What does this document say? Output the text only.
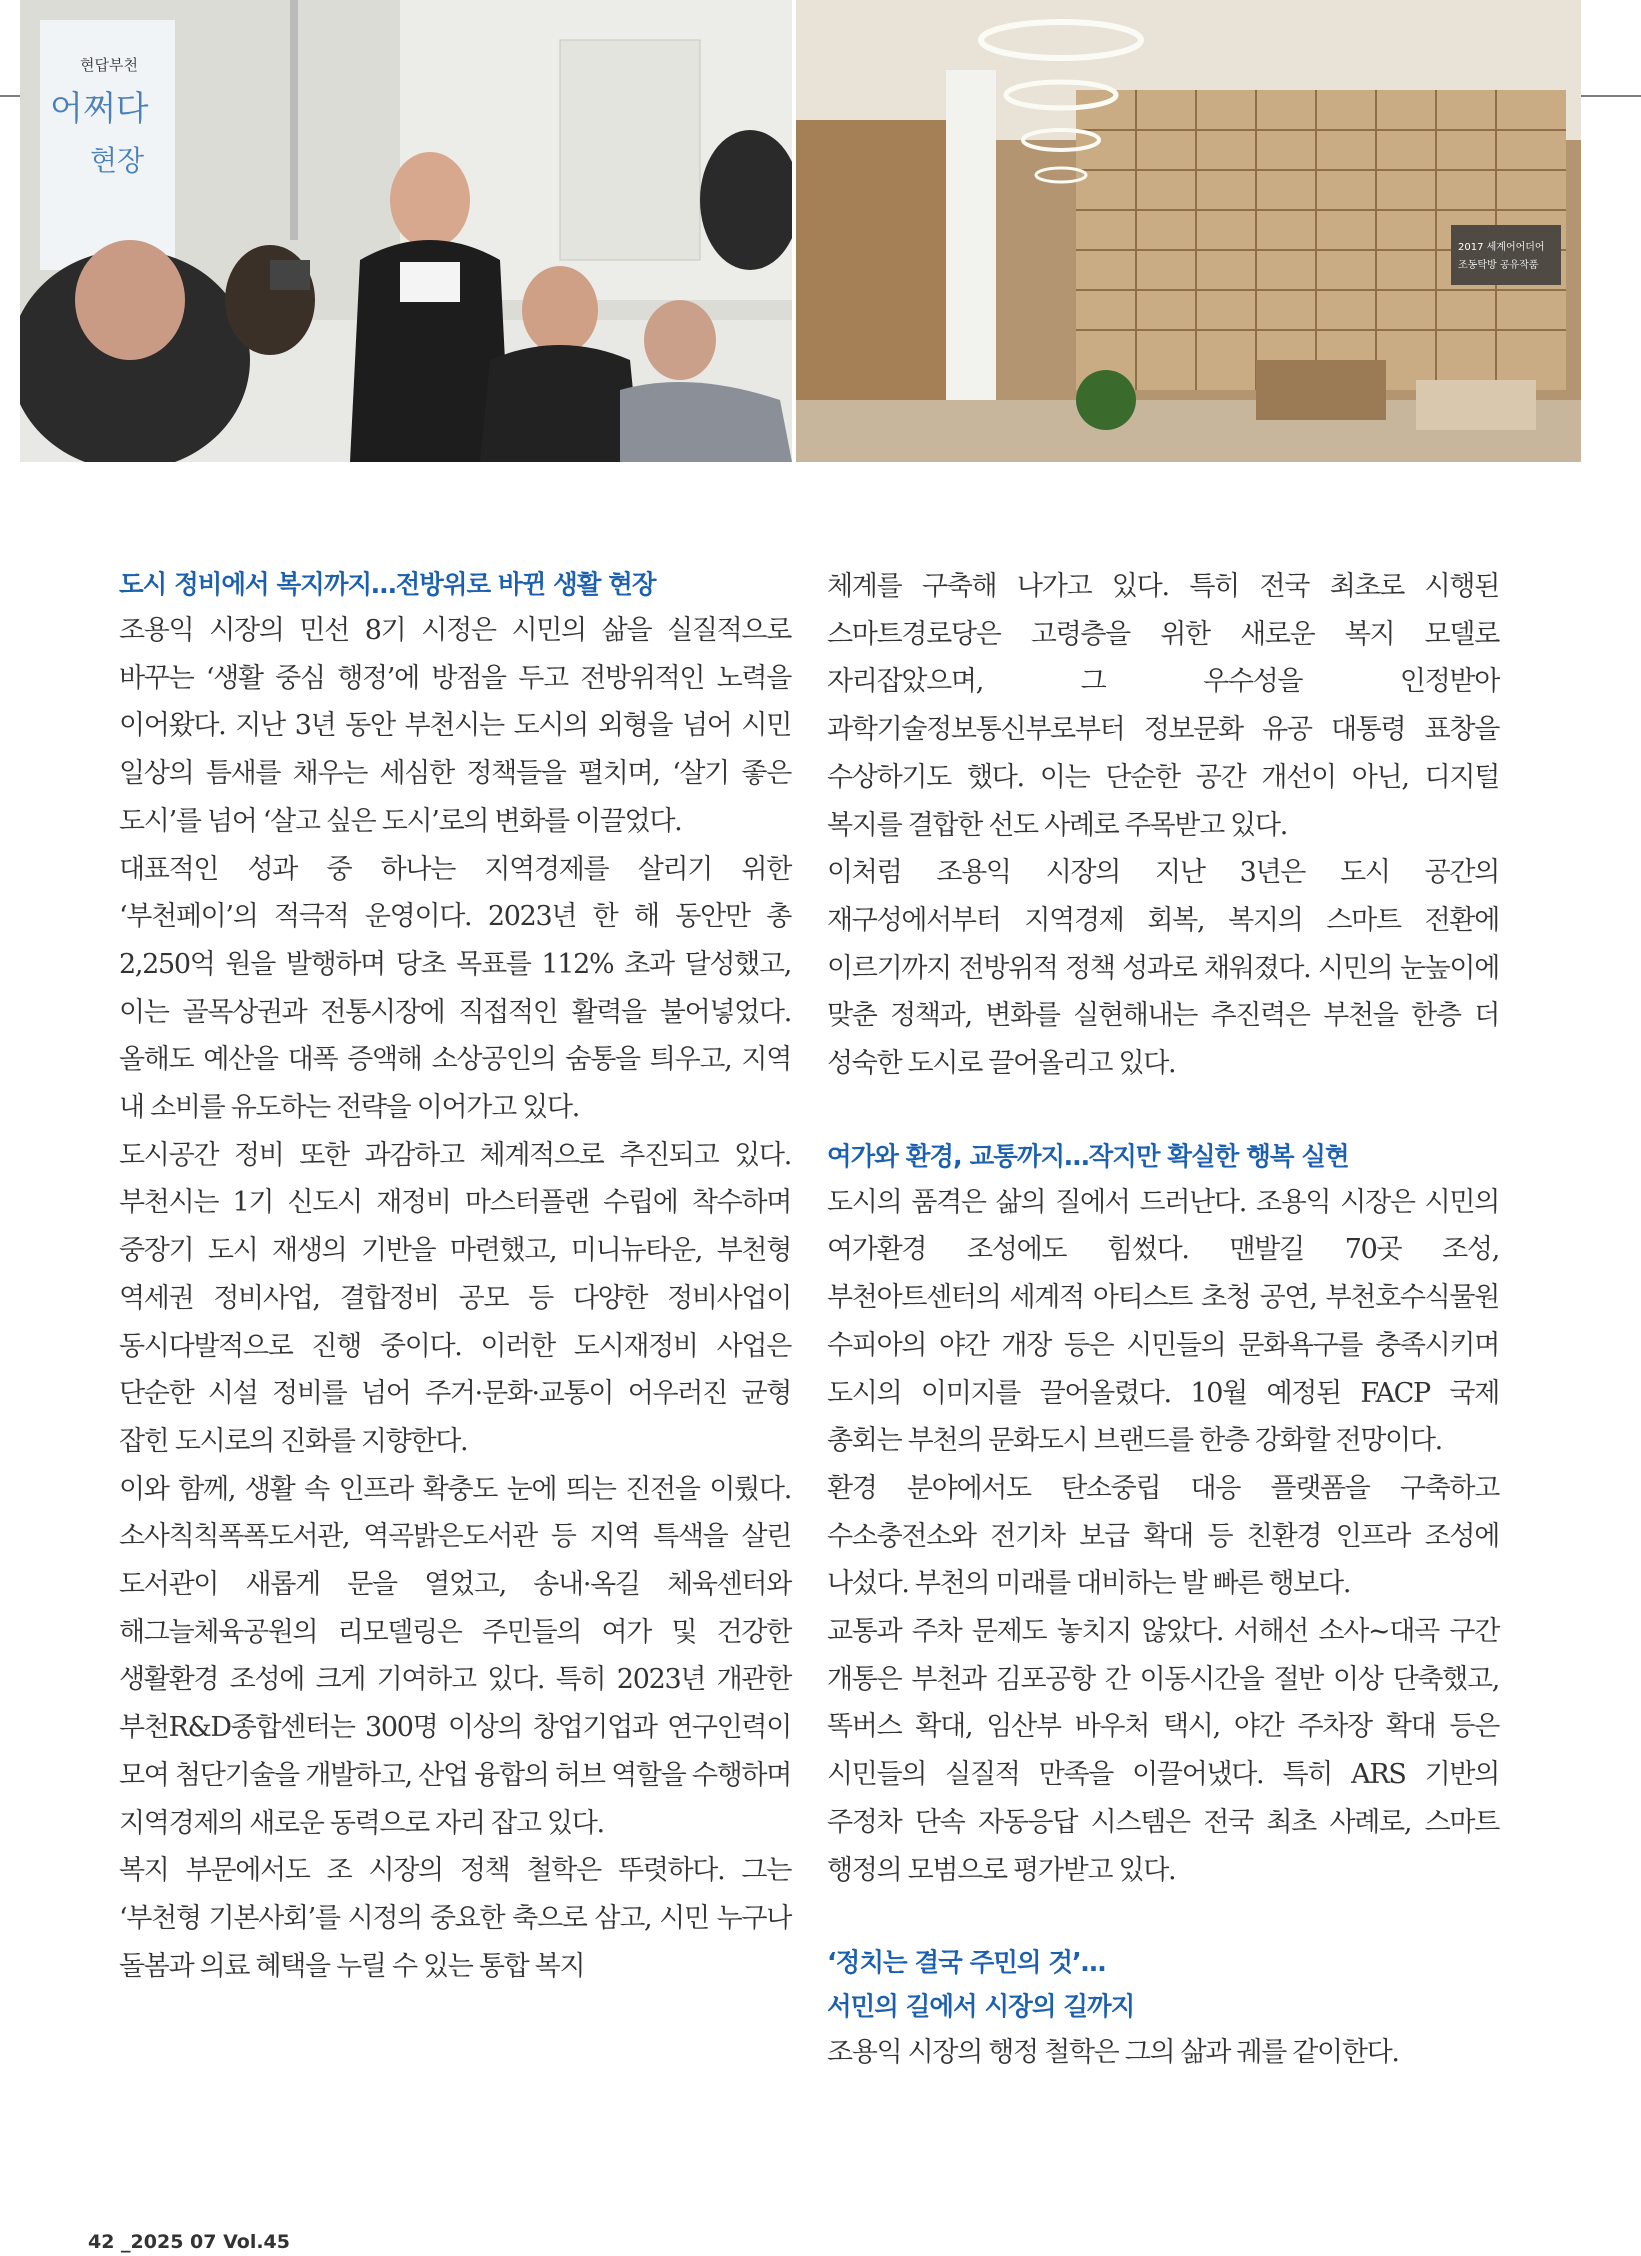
현답부천
어쩌다
현장
2017 세계어어더어
조동탁방 공유작품
도시 정비에서 복지까지…전방위로 바뀐 생활 현장
조용익 시장의 민선 8기 시정은 시민의 삶을 실질적으로 바꾸는 ‘생활 중심 행정’에 방점을 두고 전방위적인 노력을 이어왔다. 지난 3년 동안 부천시는 도시의 외형을 넘어 시민 일상의 틈새를 채우는 세심한 정책들을 펼치며, ‘살기 좋은 도시’를 넘어 ‘살고 싶은 도시’로의 변화를 이끌었다.
대표적인 성과 중 하나는 지역경제를 살리기 위한 ‘부천페이’의 적극적 운영이다. 2023년 한 해 동안만 총 2,250억 원을 발행하며 당초 목표를 112% 초과 달성했고, 이는 골목상권과 전통시장에 직접적인 활력을 불어넣었다. 올해도 예산을 대폭 증액해 소상공인의 숨통을 틔우고, 지역 내 소비를 유도하는 전략을 이어가고 있다.
도시공간 정비 또한 과감하고 체계적으로 추진되고 있다. 부천시는 1기 신도시 재정비 마스터플랜 수립에 착수하며 중장기 도시 재생의 기반을 마련했고, 미니뉴타운, 부천형 역세권 정비사업, 결합정비 공모 등 다양한 정비사업이 동시다발적으로 진행 중이다. 이러한 도시재정비 사업은 단순한 시설 정비를 넘어 주거·문화·교통이 어우러진 균형 잡힌 도시로의 진화를 지향한다.
이와 함께, 생활 속 인프라 확충도 눈에 띄는 진전을 이뤘다. 소사칙칙폭폭도서관, 역곡밝은도서관 등 지역 특색을 살린 도서관이 새롭게 문을 열었고, 송내·옥길 체육센터와 해그늘체육공원의 리모델링은 주민들의 여가 및 건강한 생활환경 조성에 크게 기여하고 있다. 특히 2023년 개관한 부천R&D종합센터는 300명 이상의 창업기업과 연구인력이 모여 첨단기술을 개발하고, 산업 융합의 허브 역할을 수행하며 지역경제의 새로운 동력으로 자리 잡고 있다.
복지 부문에서도 조 시장의 정책 철학은 뚜렷하다. 그는 ‘부천형 기본사회’를 시정의 중요한 축으로 삼고, 시민 누구나 돌봄과 의료 혜택을 누릴 수 있는 통합 복지
체계를 구축해 나가고 있다. 특히 전국 최초로 시행된 스마트경로당은 고령층을 위한 새로운 복지 모델로 자리잡았으며, 그 우수성을 인정받아 과학기술정보통신부로부터 정보문화 유공 대통령 표창을 수상하기도 했다. 이는 단순한 공간 개선이 아닌, 디지털 복지를 결합한 선도 사례로 주목받고 있다.
이처럼 조용익 시장의 지난 3년은 도시 공간의 재구성에서부터 지역경제 회복, 복지의 스마트 전환에 이르기까지 전방위적 정책 성과로 채워졌다. 시민의 눈높이에 맞춘 정책과, 변화를 실현해내는 추진력은 부천을 한층 더 성숙한 도시로 끌어올리고 있다.
여가와 환경, 교통까지…작지만 확실한 행복 실현
도시의 품격은 삶의 질에서 드러난다. 조용익 시장은 시민의 여가환경 조성에도 힘썼다. 맨발길 70곳 조성, 부천아트센터의 세계적 아티스트 초청 공연, 부천호수식물원 수피아의 야간 개장 등은 시민들의 문화욕구를 충족시키며 도시의 이미지를 끌어올렸다. 10월 예정된 FACP 국제 총회는 부천의 문화도시 브랜드를 한층 강화할 전망이다.
환경 분야에서도 탄소중립 대응 플랫폼을 구축하고 수소충전소와 전기차 보급 확대 등 친환경 인프라 조성에 나섰다. 부천의 미래를 대비하는 발 빠른 행보다.
교통과 주차 문제도 놓치지 않았다. 서해선 소사~대곡 구간 개통은 부천과 김포공항 간 이동시간을 절반 이상 단축했고, 똑버스 확대, 임산부 바우처 택시, 야간 주차장 확대 등은 시민들의 실질적 만족을 이끌어냈다. 특히 ARS 기반의 주정차 단속 자동응답 시스템은 전국 최초 사례로, 스마트 행정의 모범으로 평가받고 있다.
‘정치는 결국 주민의 것’…
서민의 길에서 시장의 길까지
조용익 시장의 행정 철학은 그의 삶과 궤를 같이한다.
42 _2025 07 Vol.45
